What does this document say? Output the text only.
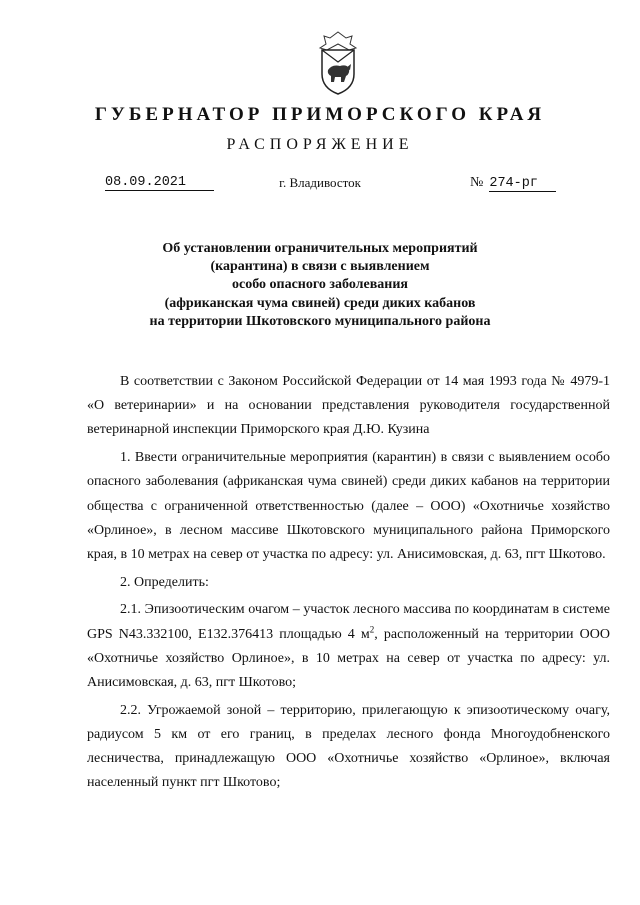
ГУБЕРНАТОР ПРИМОРСКОГО КРАЯ
РАСПОРЯЖЕНИЕ
08.09.2021	г. Владивосток	№ 274-рг
Об установлении ограничительных мероприятий
(карантина) в связи с выявлением
особо опасного заболевания
(африканская чума свиней) среди диких кабанов
на территории Шкотовского муниципального района

В соответствии с Законом Российской Федерации от 14 мая 1993 года № 4979-1 «О ветеринарии» и на основании представления руководителя государственной ветеринарной инспекции Приморского края Д.Ю. Кузина

1. Ввести ограничительные мероприятия (карантин) в связи с выявлением особо опасного заболевания (африканская чума свиней) среди диких кабанов на территории общества с ограниченной ответственностью (далее – ООО) «Охотничье хозяйство «Орлиное», в лесном массиве Шкотовского муниципального района Приморского края, в 10 метрах на север от участка по адресу: ул. Анисимовская, д. 63, пгт Шкотово.

2. Определить:

2.1. Эпизоотическим очагом – участок лесного массива по координатам в системе GPS N43.332100, E132.376413 площадью 4 $м^2$, расположенный на территории ООО «Охотничье хозяйство Орлиное», в 10 метрах на север от участка по адресу: ул. Анисимовская, д. 63, пгт Шкотово;

2.2. Угрожаемой зоной – территорию, прилегающую к эпизоотическому очагу, радиусом 5 км от его границ, в пределах лесного фонда Многоудобненского лесничества, принадлежащую ООО «Охотничье хозяйство «Орлиное», включая населенный пункт пгт Шкотово;
